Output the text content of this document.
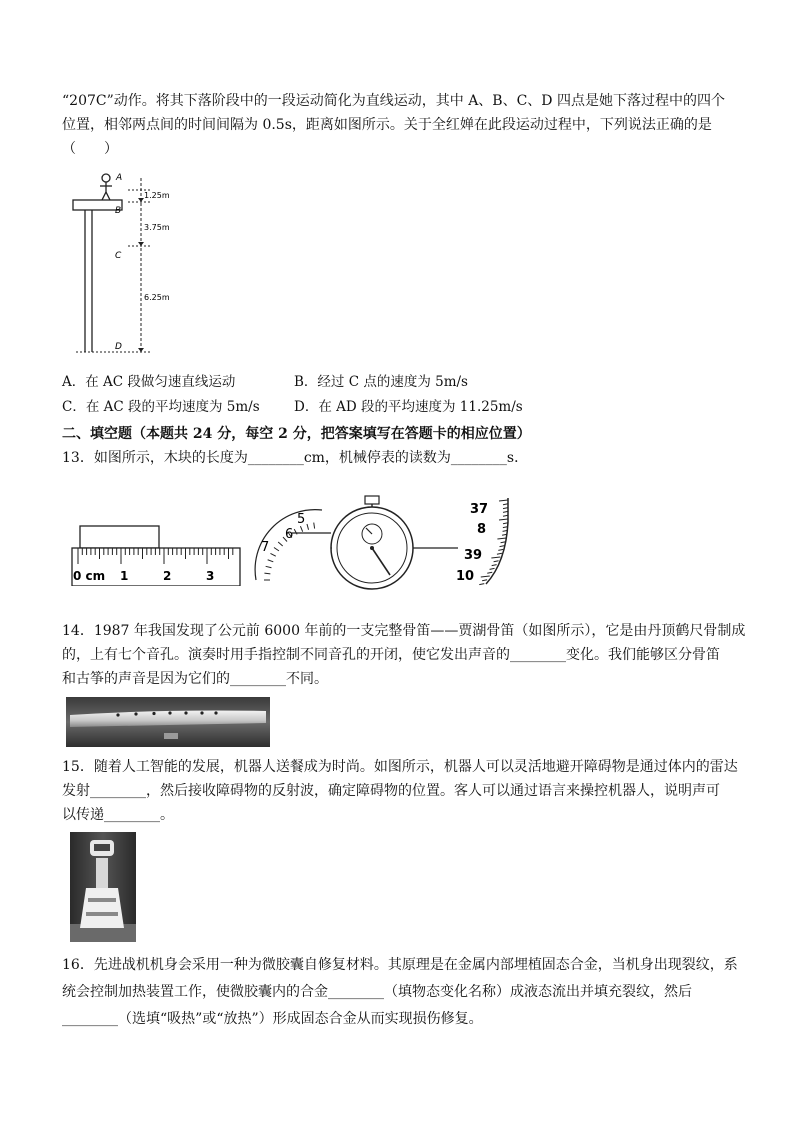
“207C”动作。将其下落阶段中的一段运动简化为直线运动，其中 A、B、C、D 四点是她下落过程中的四个
位置，相邻两点间的时间间隔为 0.5s，距离如图所示。关于全红婵在此段运动过程中，下列说法正确的是
（　　）
A
B
C
D
1.25m
3.75m
6.25m
A．在 AC 段做匀速直线运动	B．经过 C 点的速度为 5m/s
C．在 AC 段的平均速度为 5m/s	D．在 AD 段的平均速度为 11.25m/s
二、填空题（本题共 24 分，每空 2 分，把答案填写在答题卡的相应位置）
13．如图所示，木块的长度为________cm，机械停表的读数为________s．
0 cm 1	2	3
5
6
7
37
8
39
10
14．1987 年我国发现了公元前 6000 年前的一支完整骨笛——贾湖骨笛（如图所示），它是由丹顶鹤尺骨制成
的，上有七个音孔。演奏时用手指控制不同音孔的开闭，使它发出声音的________变化。我们能够区分骨笛
和古筝的声音是因为它们的________不同。
15．随着人工智能的发展，机器人送餐成为时尚。如图所示，机器人可以灵活地避开障碍物是通过体内的雷达
发射________，然后接收障碍物的反射波，确定障碍物的位置。客人可以通过语言来操控机器人，说明声可
以传递________。
16．先进战机机身会采用一种为微胶囊自修复材料。其原理是在金属内部埋植固态合金，当机身出现裂纹，系
统会控制加热装置工作，使微胶囊内的合金________（填物态变化名称）成液态流出并填充裂纹，然后
________（选填“吸热”或“放热”）形成固态合金从而实现损伤修复。
